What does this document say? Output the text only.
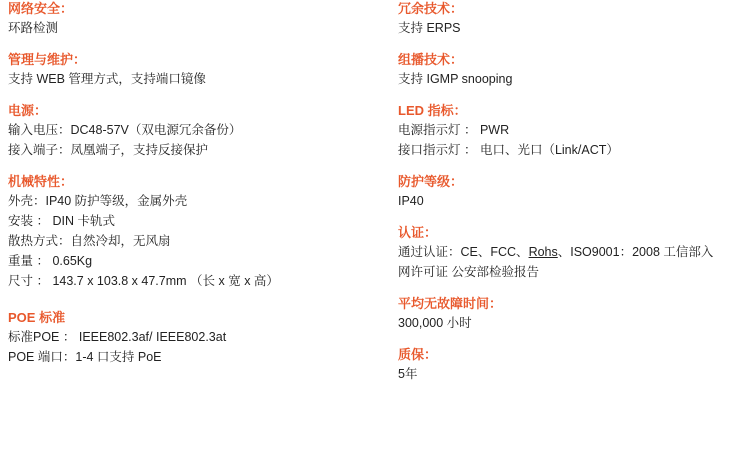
网络安全：
环路检测
管理与维护：
支持 WEB 管理方式，支持端口镜像
电源：
输入电压：DC48-57V（双电源冗余备份）
接入端子：凤凰端子，支持反接保护
机械特性：
外壳：IP40 防护等级，金属外壳
安装 ： DIN 卡轨式
散热方式：自然冷却，无风扇
重量 ： 0.65Kg
尺寸 ： 143.7 x 103.8 x 47.7mm （长 x 宽 x 高）
POE 标准
标准POE ： IEEE802.3af/ IEEE802.3at
POE 端口：1-4 口支持 PoE
冗余技术：
支持 ERPS
组播技术：
支持 IGMP snooping
LED 指标：
电源指示灯 ： PWR
接口指示灯 ： 电口、光口（Link/ACT）
防护等级：
IP40
认证：
通过认证：CE、FCC、Rohs、ISO9001：2008 工信部入
网许可证 公安部检验报告
平均无故障时间：
300,000 小时
质保：
5年
